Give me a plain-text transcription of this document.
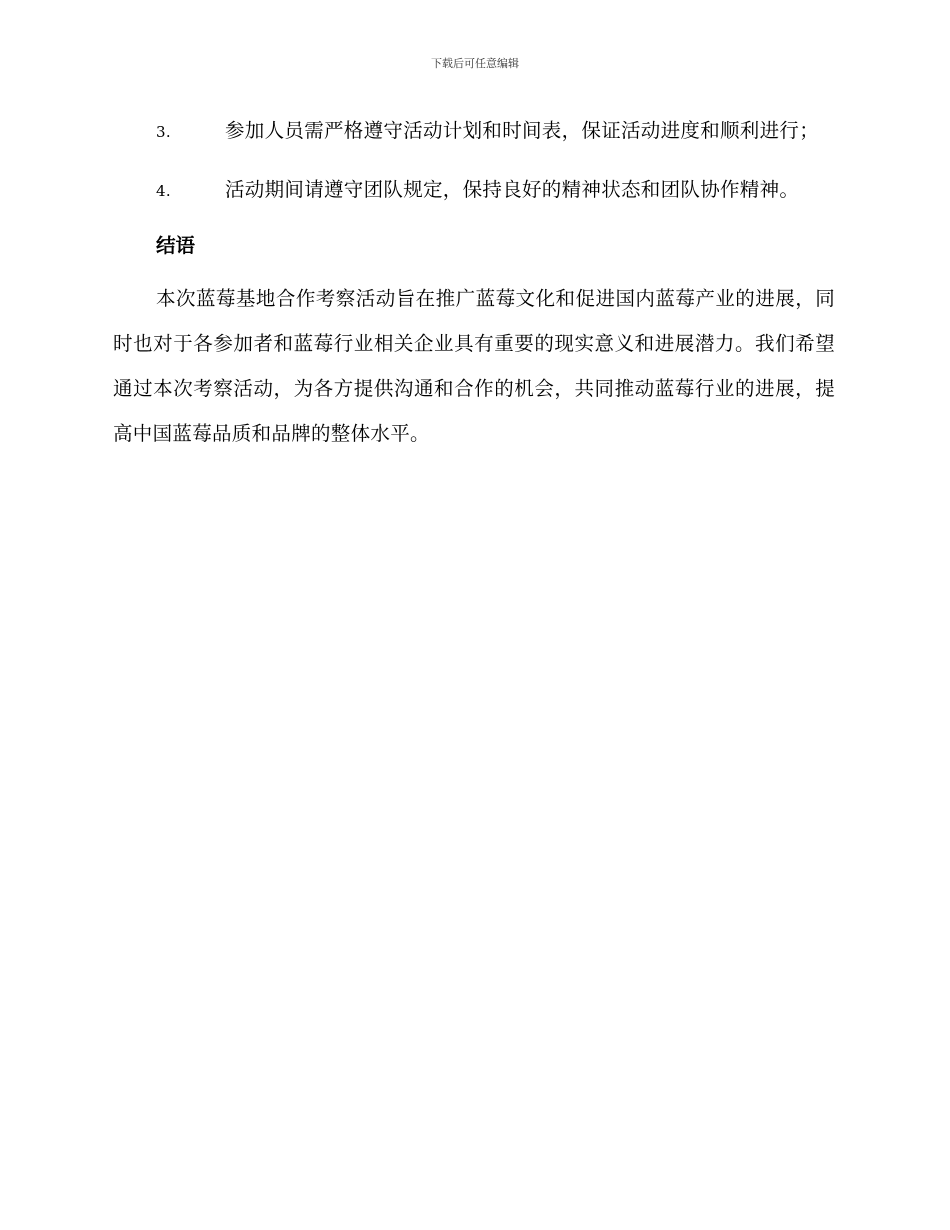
下载后可任意编辑

3.	参加人员需严格遵守活动计划和时间表，保证活动进度和顺利进行；

4.	活动期间请遵守团队规定，保持良好的精神状态和团队协作精神。

结语

本次蓝莓基地合作考察活动旨在推广蓝莓文化和促进国内蓝莓产业的进展，同时也对于各参加者和蓝莓行业相关企业具有重要的现实意义和进展潜力。我们希望通过本次考察活动，为各方提供沟通和合作的机会，共同推动蓝莓行业的进展，提高中国蓝莓品质和品牌的整体水平。
